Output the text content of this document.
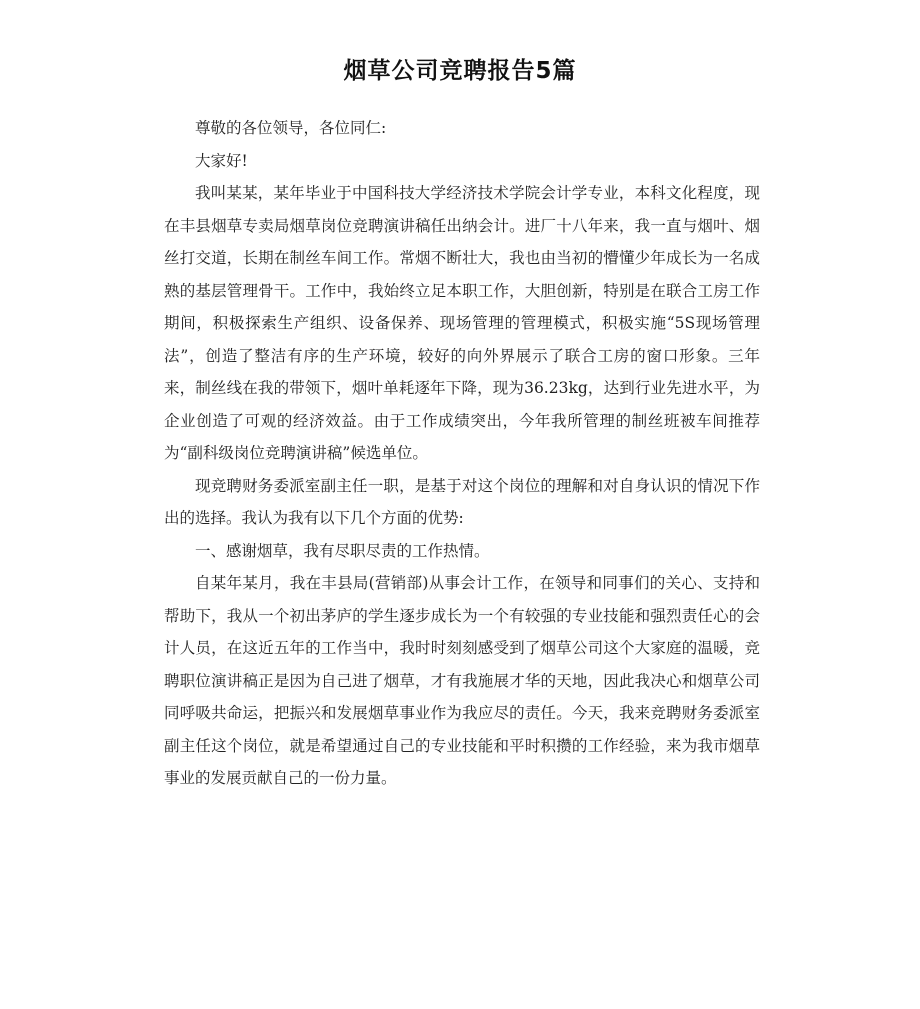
烟草公司竞聘报告5篇

尊敬的各位领导，各位同仁:

大家好!

我叫某某，某年毕业于中国科技大学经济技术学院会计学专业，本科文化程度，现在丰县烟草专卖局烟草岗位竞聘演讲稿任出纳会计。进厂十八年来，我一直与烟叶、烟丝打交道，长期在制丝车间工作。常烟不断壮大，我也由当初的懵懂少年成长为一名成熟的基层管理骨干。工作中，我始终立足本职工作，大胆创新，特别是在联合工房工作期间，积极探索生产组织、设备保养、现场管理的管理模式，积极实施“5S现场管理法”，创造了整洁有序的生产环境，较好的向外界展示了联合工房的窗口形象。三年来，制丝线在我的带领下，烟叶单耗逐年下降，现为36.23kg，达到行业先进水平，为企业创造了可观的经济效益。由于工作成绩突出，今年我所管理的制丝班被车间推荐为“副科级岗位竞聘演讲稿”候选单位。

现竞聘财务委派室副主任一职，是基于对这个岗位的理解和对自身认识的情况下作出的选择。我认为我有以下几个方面的优势:

一、感谢烟草，我有尽职尽责的工作热情。

自某年某月，我在丰县局(营销部)从事会计工作，在领导和同事们的关心、支持和帮助下，我从一个初出茅庐的学生逐步成长为一个有较强的专业技能和强烈责任心的会计人员，在这近五年的工作当中，我时时刻刻感受到了烟草公司这个大家庭的温暖，竞聘职位演讲稿正是因为自己进了烟草，才有我施展才华的天地，因此我决心和烟草公司同呼吸共命运，把振兴和发展烟草事业作为我应尽的责任。今天，我来竞聘财务委派室副主任这个岗位，就是希望通过自己的专业技能和平时积攒的工作经验，来为我市烟草事业的发展贡献自己的一份力量。
